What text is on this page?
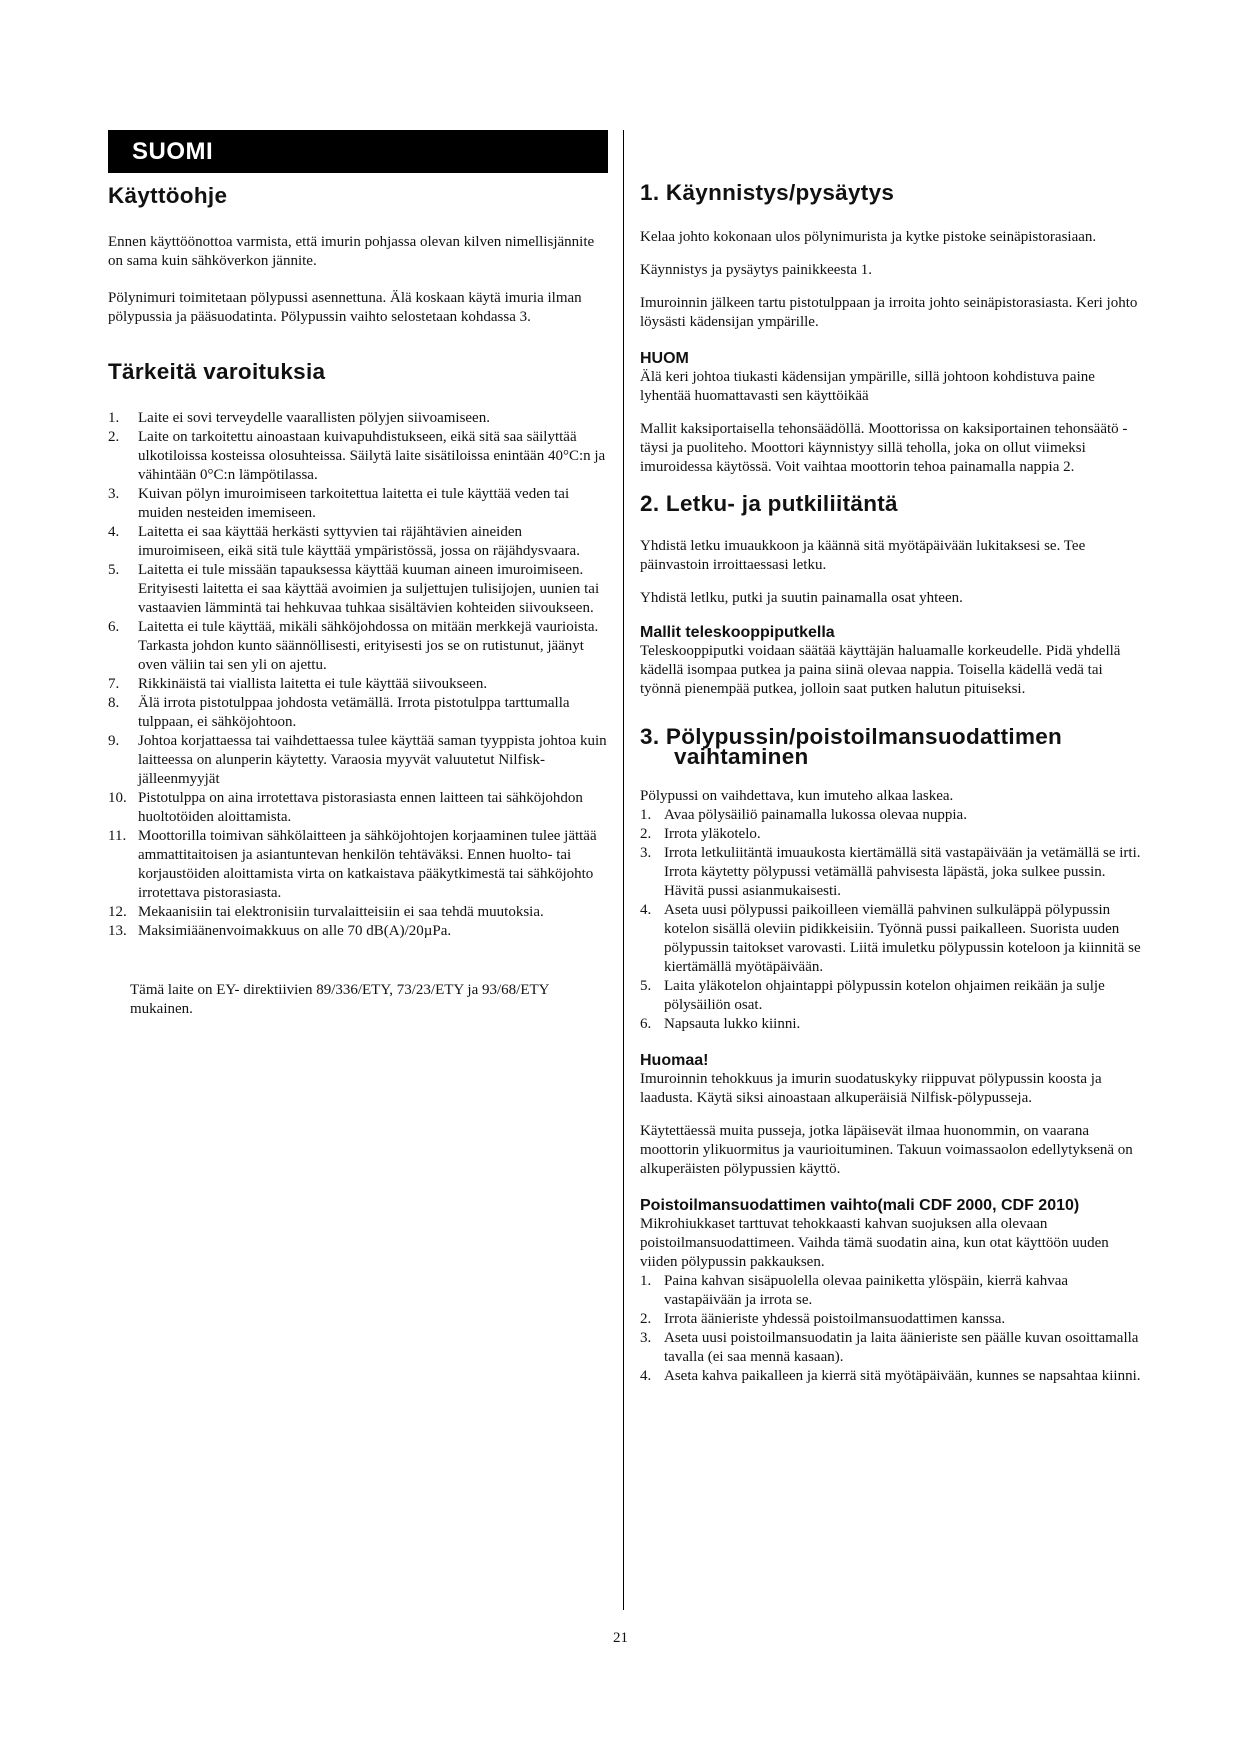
SUOMI
Käyttöohje

Ennen käyttöönottoa varmista, että imurin pohjassa olevan kilven nimellisjännite on sama kuin sähköverkon jännite.

Pölynimuri toimitetaan pölypussi asennettuna. Älä koskaan käytä imuria ilman pölypussia ja pääsuodatinta. Pölypussin vaihto selostetaan kohdassa 3.

Tärkeitä varoituksia
1. Laite ei sovi terveydelle vaarallisten pölyjen siivoamiseen.
2. Laite on tarkoitettu ainoastaan kuivapuhdistukseen, eikä sitä saa säilyttää ulkotiloissa kosteissa olosuhteissa. Säilytä laite sisätiloissa enintään 40°C:n ja vähintään 0°C:n lämpötilassa.
3. Kuivan pölyn imuroimiseen tarkoitettua laitetta ei tule käyttää veden tai muiden nesteiden imemiseen.
4. Laitetta ei saa käyttää herkästi syttyvien tai räjähtävien aineiden imuroimiseen, eikä sitä tule käyttää ympäristössä, jossa on räjähdysvaara.
5. Laitetta ei tule missään tapauksessa käyttää kuuman aineen imuroimiseen. Erityisesti laitetta ei saa käyttää avoimien ja suljettujen tulisijojen, uunien tai vastaavien lämmintä tai hehkuvaa tuhkaa sisältävien kohteiden siivoukseen.
6. Laitetta ei tule käyttää, mikäli sähköjohdossa on mitään merkkejä vaurioista. Tarkasta johdon kunto säännöllisesti, erityisesti jos se on rutistunut, jäänyt oven väliin tai sen yli on ajettu.
7. Rikkinäistä tai viallista laitetta ei tule käyttää siivoukseen.
8. Älä irrota pistotulppaa johdosta vetämällä. Irrota pistotulppa tarttumalla tulppaan, ei sähköjohtoon.
9. Johtoa korjattaessa tai vaihdettaessa tulee käyttää saman tyyppista johtoa kuin laitteessa on alunperin käytetty. Varaosia myyvät valuutetut Nilfisk-jälleenmyyjät
10. Pistotulppa on aina irrotettava pistorasiasta ennen laitteen tai sähköjohdon huoltotöiden aloittamista.
11. Moottorilla toimivan sähkölaitteen ja sähköjohtojen korjaaminen tulee jättää ammattitaitoisen ja asiantuntevan henkilön tehtäväksi. Ennen huolto- tai korjaustöiden aloittamista virta on katkaistava pääkytkimestä tai sähköjohto irrotettava pistorasiasta.
12. Mekaanisiin tai elektronisiin turvalaitteisiin ei saa tehdä muutoksia.
13. Maksimiäänenvoimakkuus on alle 70 dB(A)/20µPa.

Tämä laite on EY- direktiivien 89/336/ETY, 73/23/ETY ja 93/68/ETY mukainen.

1. Käynnistys/pysäytys

Kelaa johto kokonaan ulos pölynimurista ja kytke pistoke seinäpistorasiaan.

Käynnistys ja pysäytys painikkeesta 1.

Imuroinnin jälkeen tartu pistotulppaan ja irroita johto seinäpistorasiasta. Keri johto löysästi kädensijan ympärille.

HUOM

Älä keri johtoa tiukasti kädensijan ympärille, sillä johtoon kohdistuva paine lyhentää huomattavasti sen käyttöikää

Mallit kaksiportaisella tehonsäädöllä. Moottorissa on kaksiportainen tehonsäätö - täysi ja puoliteho. Moottori käynnistyy sillä teholla, joka on ollut viimeksi imuroidessa käytössä. Voit vaihtaa moottorin tehoa painamalla nappia 2.

2. Letku- ja putkiliitäntä

Yhdistä letku imuaukkoon ja käännä sitä myötäpäivään lukitaksesi se. Tee päinvastoin irroittaessasi letku.

Yhdistä letlku, putki ja suutin painamalla osat yhteen.

Mallit teleskooppiputkella

Teleskooppiputki voidaan säätää käyttäjän haluamalle korkeudelle. Pidä yhdellä kädellä isompaa putkea ja paina siinä olevaa nappia. Toisella kädellä vedä tai työnnä pienempää putkea, jolloin saat putken halutun pituiseksi.

3. Pölypussin/poistoilmansuodattimen
vaihtaminen

Pölypussi on vaihdettava, kun imuteho alkaa laskea.

1. Avaa pölysäiliö painamalla lukossa olevaa nuppia.
2. Irrota yläkotelo.
3. Irrota letkuliitäntä imuaukosta kiertämällä sitä vastapäivään ja vetämällä se irti. Irrota käytetty pölypussi vetämällä pahvisesta läpästä, joka sulkee pussin. Hävitä pussi asianmukaisesti.
4. Aseta uusi pölypussi paikoilleen viemällä pahvinen sulkuläppä pölypussin kotelon sisällä oleviin pidikkeisiin. Työnnä pussi paikalleen. Suorista uuden pölypussin taitokset varovasti. Liitä imuletku pölypussin koteloon ja kiinnitä se kiertämällä myötäpäivään.
5. Laita yläkotelon ohjaintappi pölypussin kotelon ohjaimen reikään ja sulje pölysäiliön osat.
6. Napsauta lukko kiinni.
Huomaa!

Imuroinnin tehokkuus ja imurin suodatuskyky riippuvat pölypussin koosta ja laadusta. Käytä siksi ainoastaan alkuperäisiä Nilfisk-pölypusseja.

Käytettäessä muita pusseja, jotka läpäisevät ilmaa huonommin, on vaarana moottorin ylikuormitus ja vaurioituminen. Takuun voimassaolon edellytyksenä on alkuperäisten pölypussien käyttö.

Poistoilmansuodattimen vaihto(mali CDF 2000, CDF 2010)

Mikrohiukkaset tarttuvat tehokkaasti kahvan suojuksen alla olevaan poistoilmansuodattimeen. Vaihda tämä suodatin aina, kun otat käyttöön uuden viiden pölypussin pakkauksen.

1. Paina kahvan sisäpuolella olevaa painiketta ylöspäin, kierrä kahvaa vastapäivään ja irrota se.
2. Irrota äänieriste yhdessä poistoilmansuodattimen kanssa.
3. Aseta uusi poistoilmansuodatin ja laita äänieriste sen päälle kuvan osoittamalla tavalla (ei saa mennä kasaan).
4. Aseta kahva paikalleen ja kierrä sitä myötäpäivään, kunnes se napsahtaa kiinni.
21
